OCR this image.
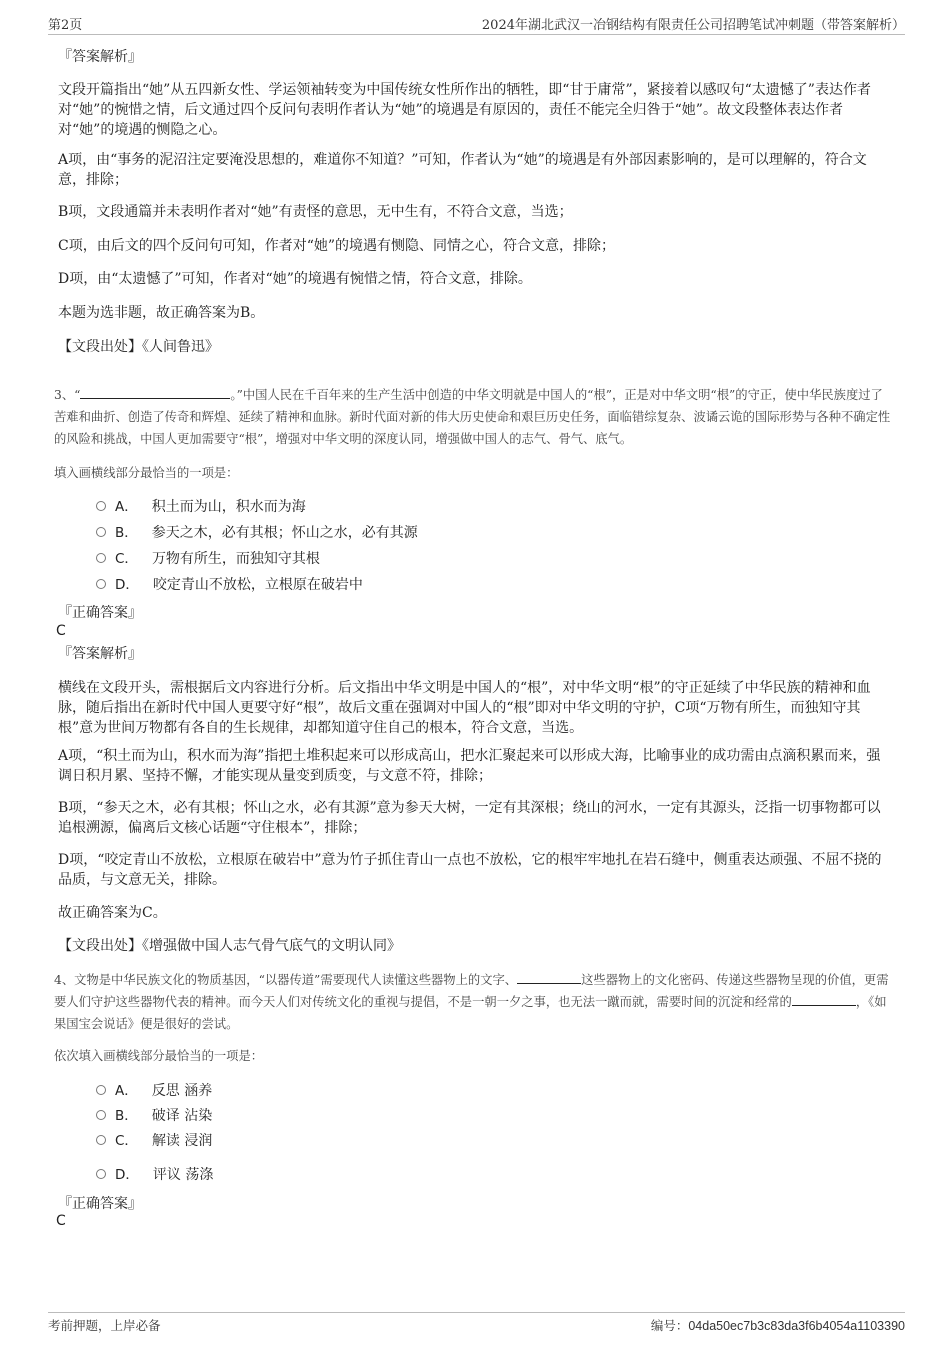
第2页	2024年湖北武汉一冶钢结构有限责任公司招聘笔试冲刺题（带答案解析）
『答案解析』
文段开篇指出“她”从五四新女性、学运领袖转变为中国传统女性所作出的牺牲，即“甘于庸常”，紧接着以感叹句“太遗憾了”表达作者对“她”的惋惜之情，后文通过四个反问句表明作者认为“她”的境遇是有原因的，责任不能完全归咎于“她”。故文段整体表达作者对“她”的境遇的恻隐之心。
A项，由“事务的泥沼注定要淹没思想的，难道你不知道？”可知，作者认为“她”的境遇是有外部因素影响的，是可以理解的，符合文意，排除；
B项，文段通篇并未表明作者对“她”有责怪的意思，无中生有，不符合文意，当选；
C项，由后文的四个反问句可知，作者对“她”的境遇有恻隐、同情之心，符合文意，排除；
D项，由“太遗憾了”可知，作者对“她”的境遇有惋惜之情，符合文意，排除。
本题为选非题，故正确答案为B。
【文段出处】《人间鲁迅》
3、“	。”中国人民在千百年来的生产生活中创造的中华文明就是中国人的“根”，正是对中华文明“根”的守正，使中华民族度过了苦难和曲折、创造了传奇和辉煌、延续了精神和血脉。新时代面对新的伟大历史使命和艰巨历史任务，面临错综复杂、波谲云诡的国际形势与各种不确定性的风险和挑战，中国人更加需要守“根”，增强对中华文明的深度认同，增强做中国人的志气、骨气、底气。
填入画横线部分最恰当的一项是：
A． 积土而为山，积水而为海
B． 参天之木，必有其根；怀山之水，必有其源
C． 万物有所生，而独知守其根
D． 咬定青山不放松，立根原在破岩中
『正确答案』
C
『答案解析』
横线在文段开头，需根据后文内容进行分析。后文指出中华文明是中国人的“根”，对中华文明“根”的守正延续了中华民族的精神和血脉，随后指出在新时代中国人更要守好“根”，故后文重在强调对中国人的“根”即对中华文明的守护，C项“万物有所生，而独知守其根”意为世间万物都有各自的生长规律，却都知道守住自己的根本，符合文意，当选。
A项，“积土而为山，积水而为海”指把土堆积起来可以形成高山，把水汇聚起来可以形成大海，比喻事业的成功需由点滴积累而来，强调日积月累、坚持不懈，才能实现从量变到质变，与文意不符，排除；
B项，“参天之木，必有其根；怀山之水，必有其源”意为参天大树，一定有其深根；绕山的河水，一定有其源头，泛指一切事物都可以追根溯源，偏离后文核心话题“守住根本”，排除；
D项，“咬定青山不放松，立根原在破岩中”意为竹子抓住青山一点也不放松，它的根牢牢地扎在岩石缝中，侧重表达顽强、不屈不挠的品质，与文意无关，排除。
故正确答案为C。
【文段出处】《增强做中国人志气骨气底气的文明认同》
4、文物是中华民族文化的物质基因，“以器传道”需要现代人读懂这些器物上的文字、	这些器物上的文化密码、传递这些器物呈现的价值，更需要人们守护这些器物代表的精神。而今天人们对传统文化的重视与提倡，不是一朝一夕之事，也无法一蹴而就，需要时间的沉淀和经常的	，《如果国宝会说话》便是很好的尝试。
依次填入画横线部分最恰当的一项是：
A． 反思 涵养
B． 破译 沾染
C． 解读 浸润
D． 评议 荡涤
『正确答案』
C
考前押题，上岸必备	编号：04da50ec7b3c83da3f6b4054a1103390
